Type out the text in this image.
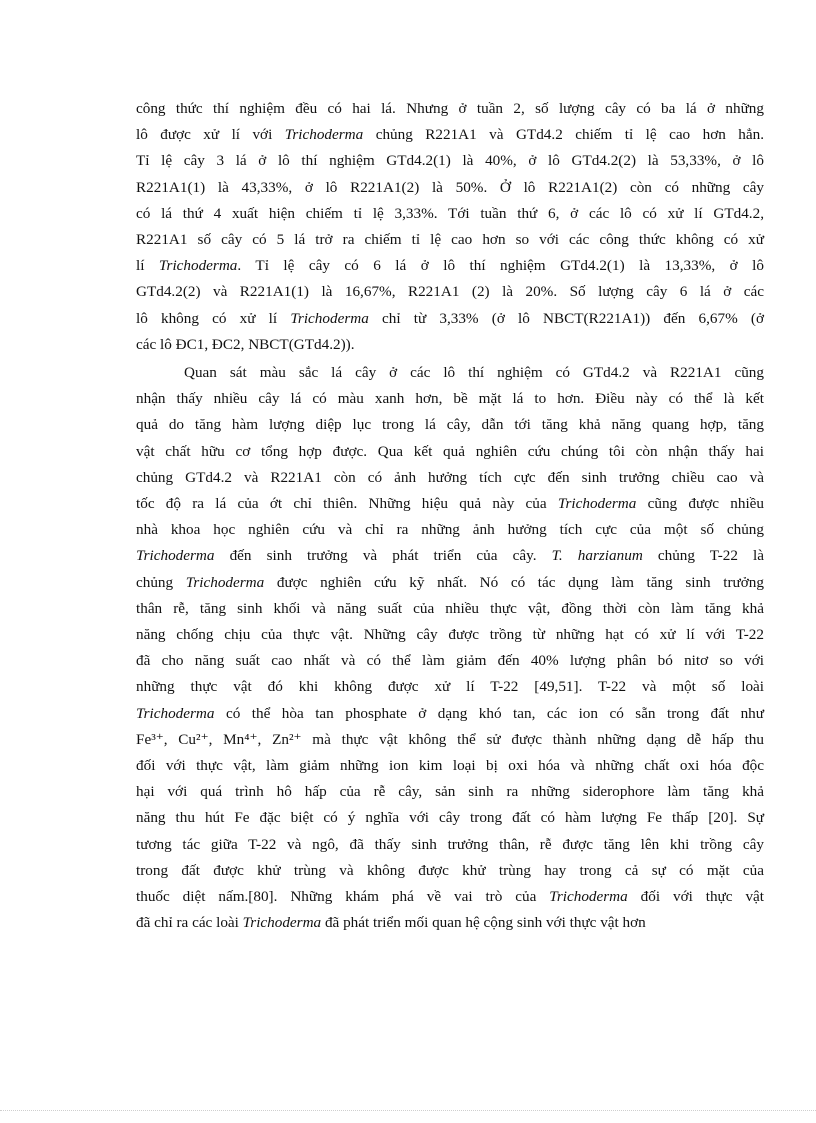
công thức thí nghiệm đều có hai lá. Nhưng ở tuần 2, số lượng cây có ba lá ở những
lô được xử lí với Trichoderma chủng R221A1 và GTd4.2 chiếm tỉ lệ cao hơn hẳn.
Tỉ lệ cây 3 lá ở lô thí nghiệm GTd4.2(1) là 40%, ở lô GTd4.2(2) là 53,33%, ở lô
R221A1(1) là 43,33%, ở lô R221A1(2) là 50%. Ở lô R221A1(2) còn có những cây
có lá thứ 4 xuất hiện chiếm tỉ lệ 3,33%. Tới tuần thứ 6, ở các lô có xử lí GTd4.2,
R221A1 số cây có 5 lá trở ra chiếm tỉ lệ cao hơn so với các công thức không có xử
lí Trichoderma. Tỉ lệ cây có 6 lá ở lô thí nghiệm GTd4.2(1) là 13,33%, ở lô
GTd4.2(2) và R221A1(1) là 16,67%, R221A1 (2) là 20%. Số lượng cây 6 lá ở các
lô không có xử lí Trichoderma chỉ từ 3,33% (ở lô NBCT(R221A1)) đến 6,67% (ở
các lô ĐC1, ĐC2, NBCT(GTd4.2)).

Quan sát màu sắc lá cây ở các lô thí nghiệm có GTd4.2 và R221A1 cũng
nhận thấy nhiều cây lá có màu xanh hơn, bề mặt lá to hơn. Điều này có thể là kết
quả do tăng hàm lượng diệp lục trong lá cây, dẫn tới tăng khả năng quang hợp, tăng
vật chất hữu cơ tổng hợp được. Qua kết quả nghiên cứu chúng tôi còn nhận thấy hai
chủng GTd4.2 và R221A1 còn có ảnh hưởng tích cực đến sinh trưởng chiều cao và
tốc độ ra lá của ớt chỉ thiên. Những hiệu quả này của Trichoderma cũng được nhiều
nhà khoa học nghiên cứu và chỉ ra những ảnh hưởng tích cực của một số chủng
Trichoderma đến sinh trưởng và phát triển của cây. T. harzianum chủng T-22 là
chủng Trichoderma được nghiên cứu kỹ nhất. Nó có tác dụng làm tăng sinh trưởng
thân rễ, tăng sinh khối và năng suất của nhiều thực vật, đồng thời còn làm tăng khả
năng chống chịu của thực vật. Những cây được trồng từ những hạt có xử lí với T-22
đã cho năng suất cao nhất và có thể làm giảm đến 40% lượng phân bó nitơ so với
những thực vật đó khi không được xử lí T-22 [49,51]. T-22 và một số loài
Trichoderma có thể hòa tan phosphate ở dạng khó tan, các ion có sẵn trong đất như
Fe³⁺, Cu²⁺, Mn⁴⁺, Zn²⁺ mà thực vật không thể sử được thành những dạng dễ hấp thu
đối với thực vật, làm giảm những ion kim loại bị oxi hóa và những chất oxi hóa độc
hại với quá trình hô hấp của rễ cây, sản sinh ra những siderophore làm tăng khả
năng thu hút Fe đặc biệt có ý nghĩa với cây trong đất có hàm lượng Fe thấp [20]. Sự
tương tác giữa T-22 và ngô, đã thấy sinh trưởng thân, rễ được tăng lên khi trồng cây
trong đất được khử trùng và không được khử trùng hay trong cả sự có mặt của
thuốc diệt nấm.[80]. Những khám phá về vai trò của Trichoderma đối với thực vật
đã chỉ ra các loài Trichoderma đã phát triển mối quan hệ cộng sinh với thực vật hơn
